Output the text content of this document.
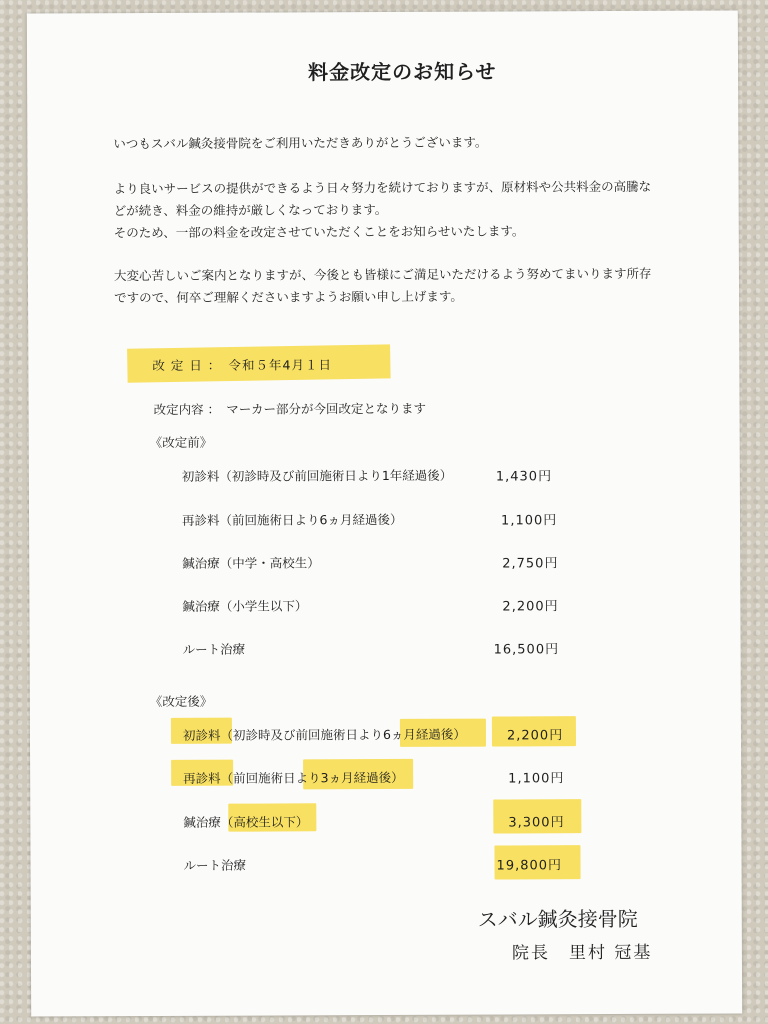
料金改定のお知らせ
いつもスバル鍼灸接骨院をご利用いただきありがとうございます。
より良いサービスの提供ができるよう日々努力を続けておりますが、原材料や公共料金の高騰な
どが続き、料金の維持が厳しくなっております。
そのため、一部の料金を改定させていただくことをお知らせいたします。
大変心苦しいご案内となりますが、今後とも皆様にご満足いただけるよう努めてまいります所存
ですので、何卒ご理解くださいますようお願い申し上げます。
改 定 日 ：　令和５年4月１日
改定内容 ：　マーカー部分が今回改定となります
《改定前》
初診料（初診時及び前回施術日より1年経過後）	1,430円
再診料（前回施術日より6ヵ月経過後）	1,100円
鍼治療（中学・高校生）	2,750円
鍼治療（小学生以下）	2,200円
ルート治療	16,500円
《改定後》
初診料（初診時及び前回施術日より6ヵ月経過後）	2,200円
再診料（前回施術日より3ヵ月経過後）	1,100円
鍼治療（高校生以下）	3,300円
ルート治療	19,800円
スバル鍼灸接骨院
院長　里村 冠基
